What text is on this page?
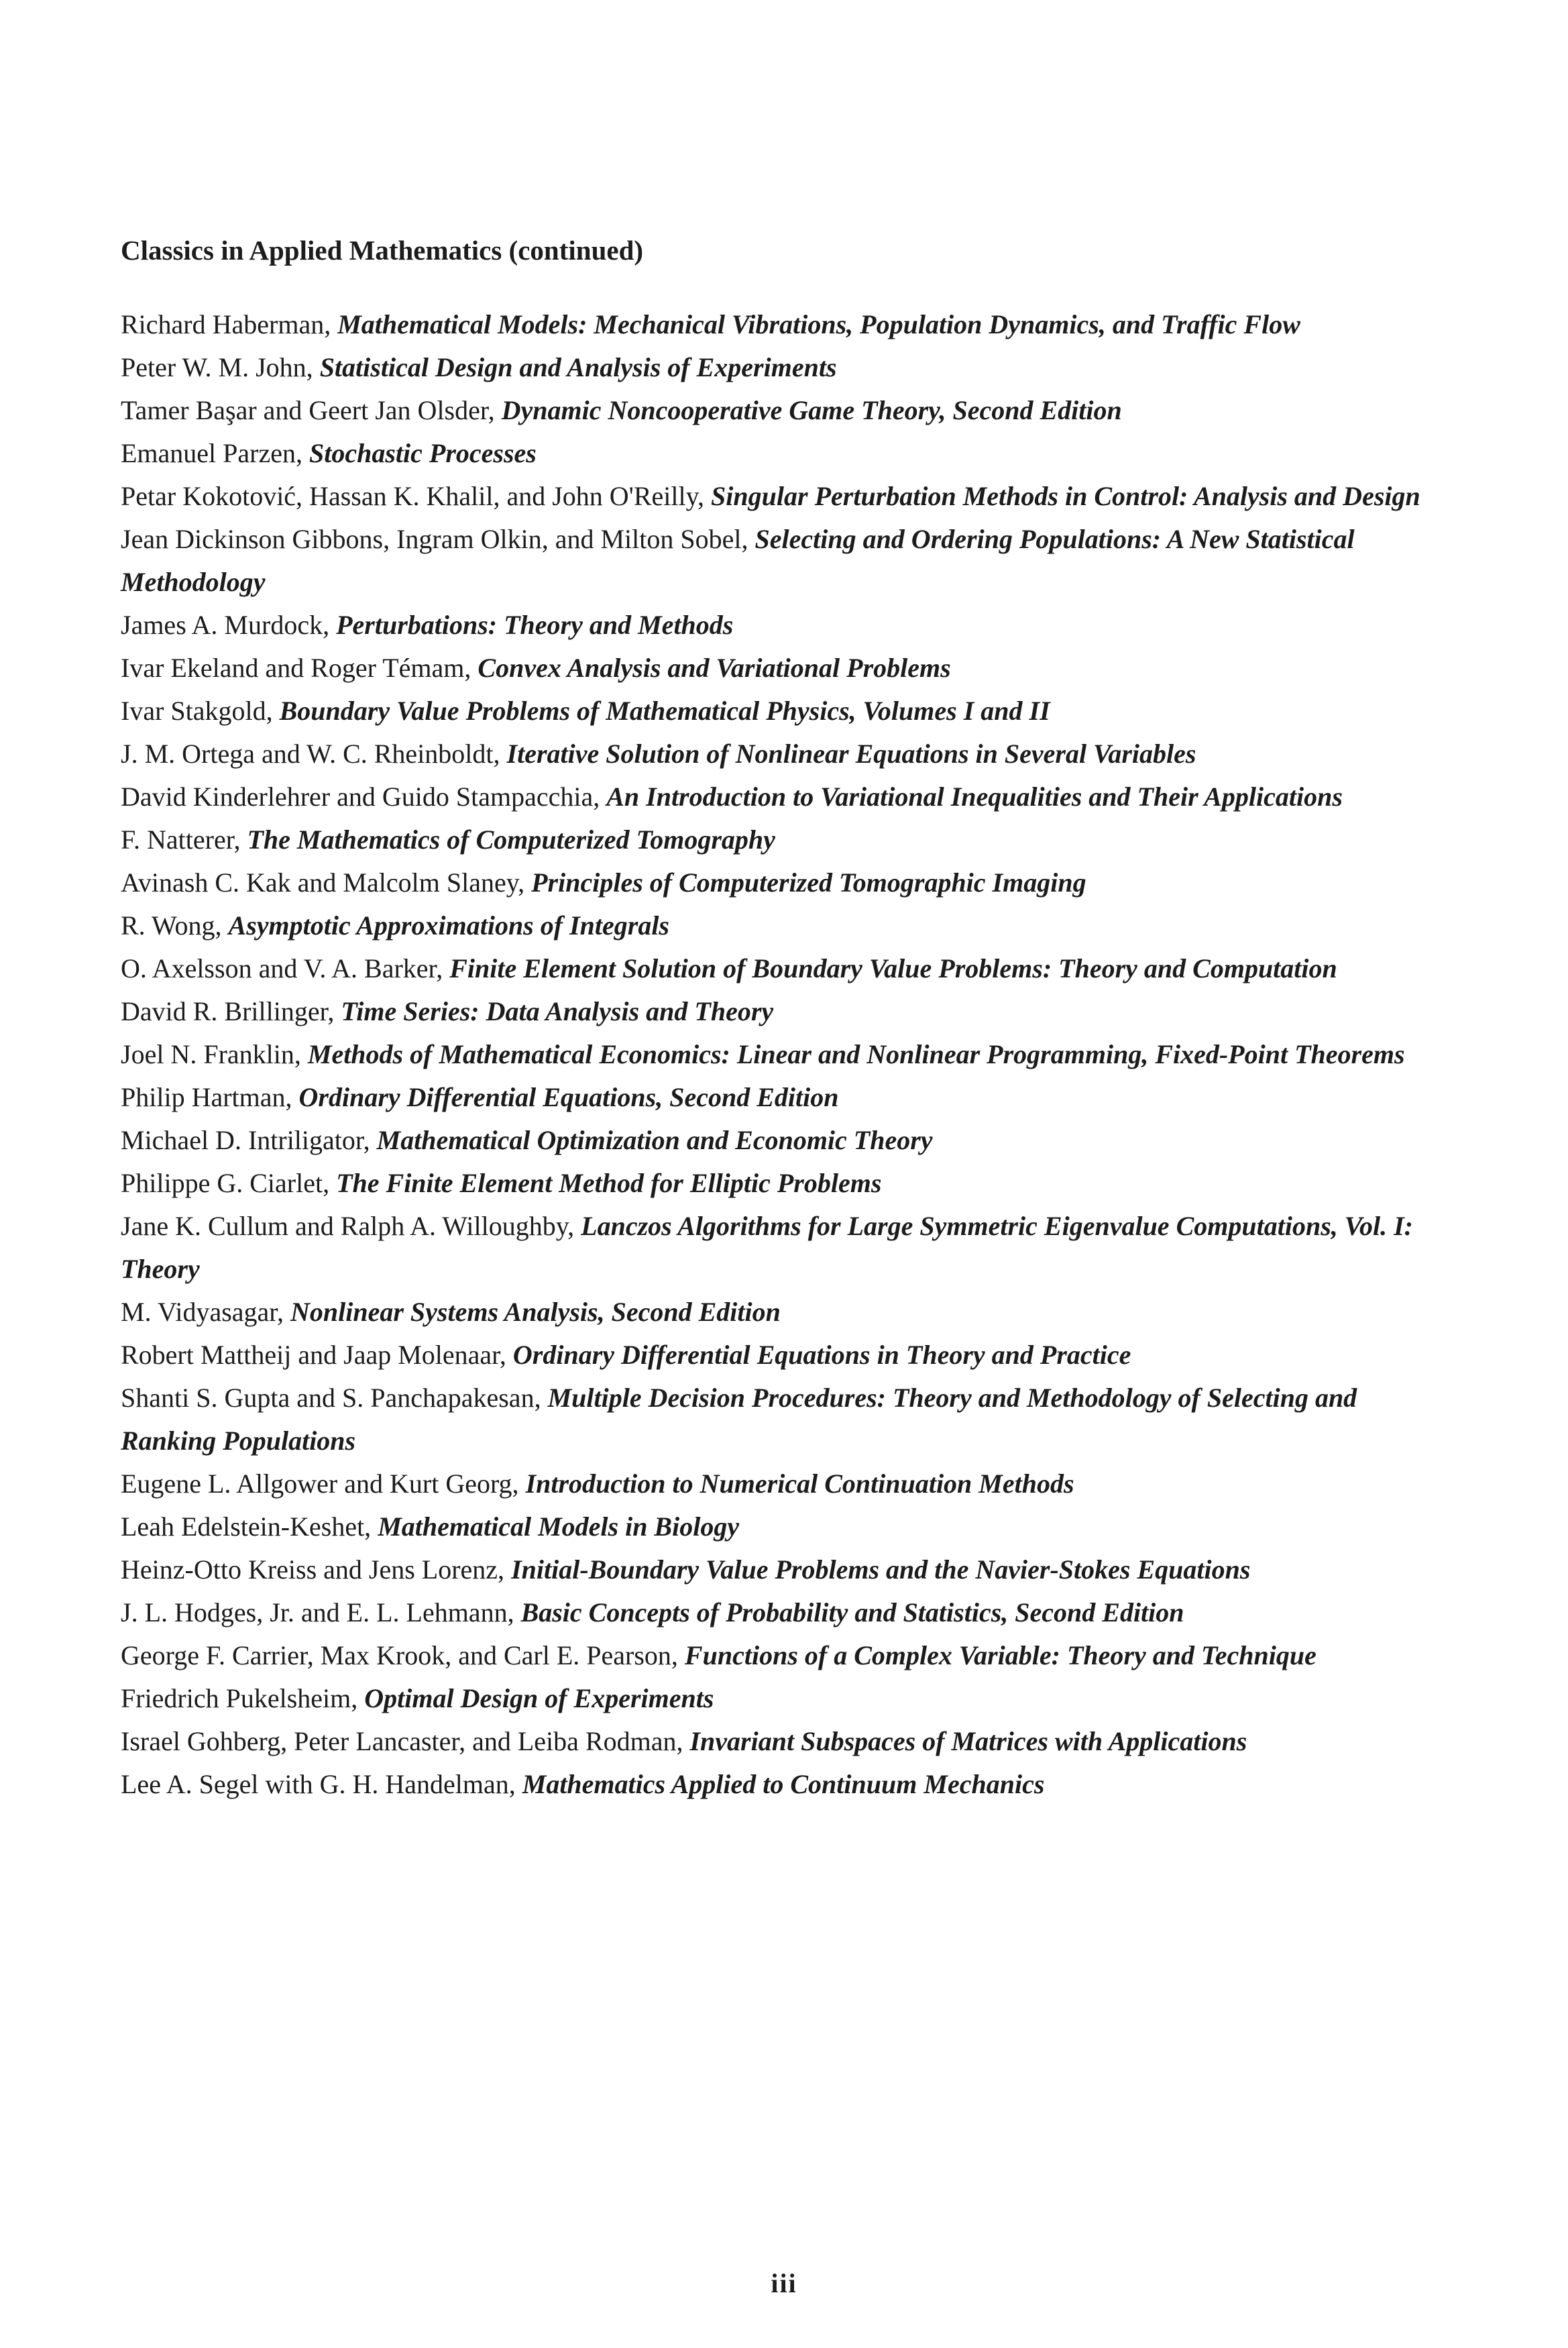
Classics in Applied Mathematics (continued)
Richard Haberman, Mathematical Models: Mechanical Vibrations, Population Dynamics, and Traffic Flow
Peter W. M. John, Statistical Design and Analysis of Experiments
Tamer Başar and Geert Jan Olsder, Dynamic Noncooperative Game Theory, Second Edition
Emanuel Parzen, Stochastic Processes
Petar Kokotović, Hassan K. Khalil, and John O'Reilly, Singular Perturbation Methods in Control: Analysis and Design
Jean Dickinson Gibbons, Ingram Olkin, and Milton Sobel, Selecting and Ordering Populations: A New Statistical Methodology
James A. Murdock, Perturbations: Theory and Methods
Ivar Ekeland and Roger Témam, Convex Analysis and Variational Problems
Ivar Stakgold, Boundary Value Problems of Mathematical Physics, Volumes I and II
J. M. Ortega and W. C. Rheinboldt, Iterative Solution of Nonlinear Equations in Several Variables
David Kinderlehrer and Guido Stampacchia, An Introduction to Variational Inequalities and Their Applications
F. Natterer, The Mathematics of Computerized Tomography
Avinash C. Kak and Malcolm Slaney, Principles of Computerized Tomographic Imaging
R. Wong, Asymptotic Approximations of Integrals
O. Axelsson and V. A. Barker, Finite Element Solution of Boundary Value Problems: Theory and Computation
David R. Brillinger, Time Series: Data Analysis and Theory
Joel N. Franklin, Methods of Mathematical Economics: Linear and Nonlinear Programming, Fixed-Point Theorems
Philip Hartman, Ordinary Differential Equations, Second Edition
Michael D. Intriligator, Mathematical Optimization and Economic Theory
Philippe G. Ciarlet, The Finite Element Method for Elliptic Problems
Jane K. Cullum and Ralph A. Willoughby, Lanczos Algorithms for Large Symmetric Eigenvalue Computations, Vol. I: Theory
M. Vidyasagar, Nonlinear Systems Analysis, Second Edition
Robert Mattheij and Jaap Molenaar, Ordinary Differential Equations in Theory and Practice
Shanti S. Gupta and S. Panchapakesan, Multiple Decision Procedures: Theory and Methodology of Selecting and Ranking Populations
Eugene L. Allgower and Kurt Georg, Introduction to Numerical Continuation Methods
Leah Edelstein-Keshet, Mathematical Models in Biology
Heinz-Otto Kreiss and Jens Lorenz, Initial-Boundary Value Problems and the Navier-Stokes Equations
J. L. Hodges, Jr. and E. L. Lehmann, Basic Concepts of Probability and Statistics, Second Edition
George F. Carrier, Max Krook, and Carl E. Pearson, Functions of a Complex Variable: Theory and Technique
Friedrich Pukelsheim, Optimal Design of Experiments
Israel Gohberg, Peter Lancaster, and Leiba Rodman, Invariant Subspaces of Matrices with Applications
Lee A. Segel with G. H. Handelman, Mathematics Applied to Continuum Mechanics

iii
